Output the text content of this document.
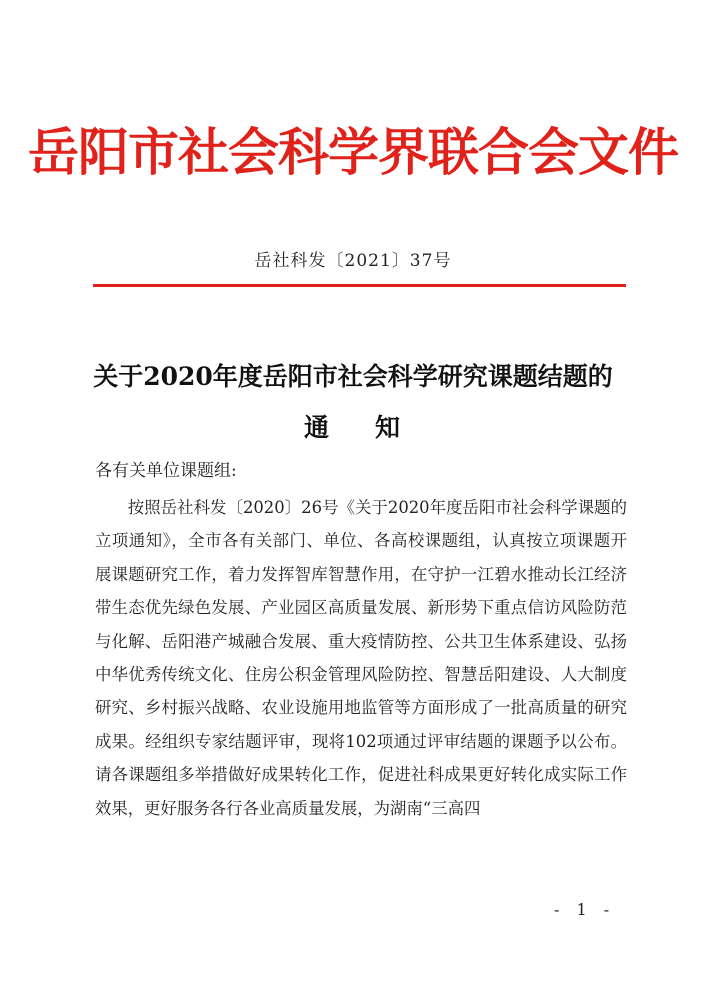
岳阳市社会科学界联合会文件
岳社科发〔2021〕37号
关于2020年度岳阳市社会科学研究课题结题的
通 知
各有关单位课题组:
按照岳社科发〔2020〕26号《关于2020年度岳阳市社会科学课题的立项通知》，全市各有关部门、单位、各高校课题组，认真按立项课题开展课题研究工作，着力发挥智库智慧作用，在守护一江碧水推动长江经济带生态优先绿色发展、产业园区高质量发展、新形势下重点信访风险防范与化解、岳阳港产城融合发展、重大疫情防控、公共卫生体系建设、弘扬中华优秀传统文化、住房公积金管理风险防控、智慧岳阳建设、人大制度研究、乡村振兴战略、农业设施用地监管等方面形成了一批高质量的研究成果。经组织专家结题评审，现将102项通过评审结题的课题予以公布。请各课题组多举措做好成果转化工作，促进社科成果更好转化成实际工作效果，更好服务各行各业高质量发展，为湖南“三高四
- 1 -
